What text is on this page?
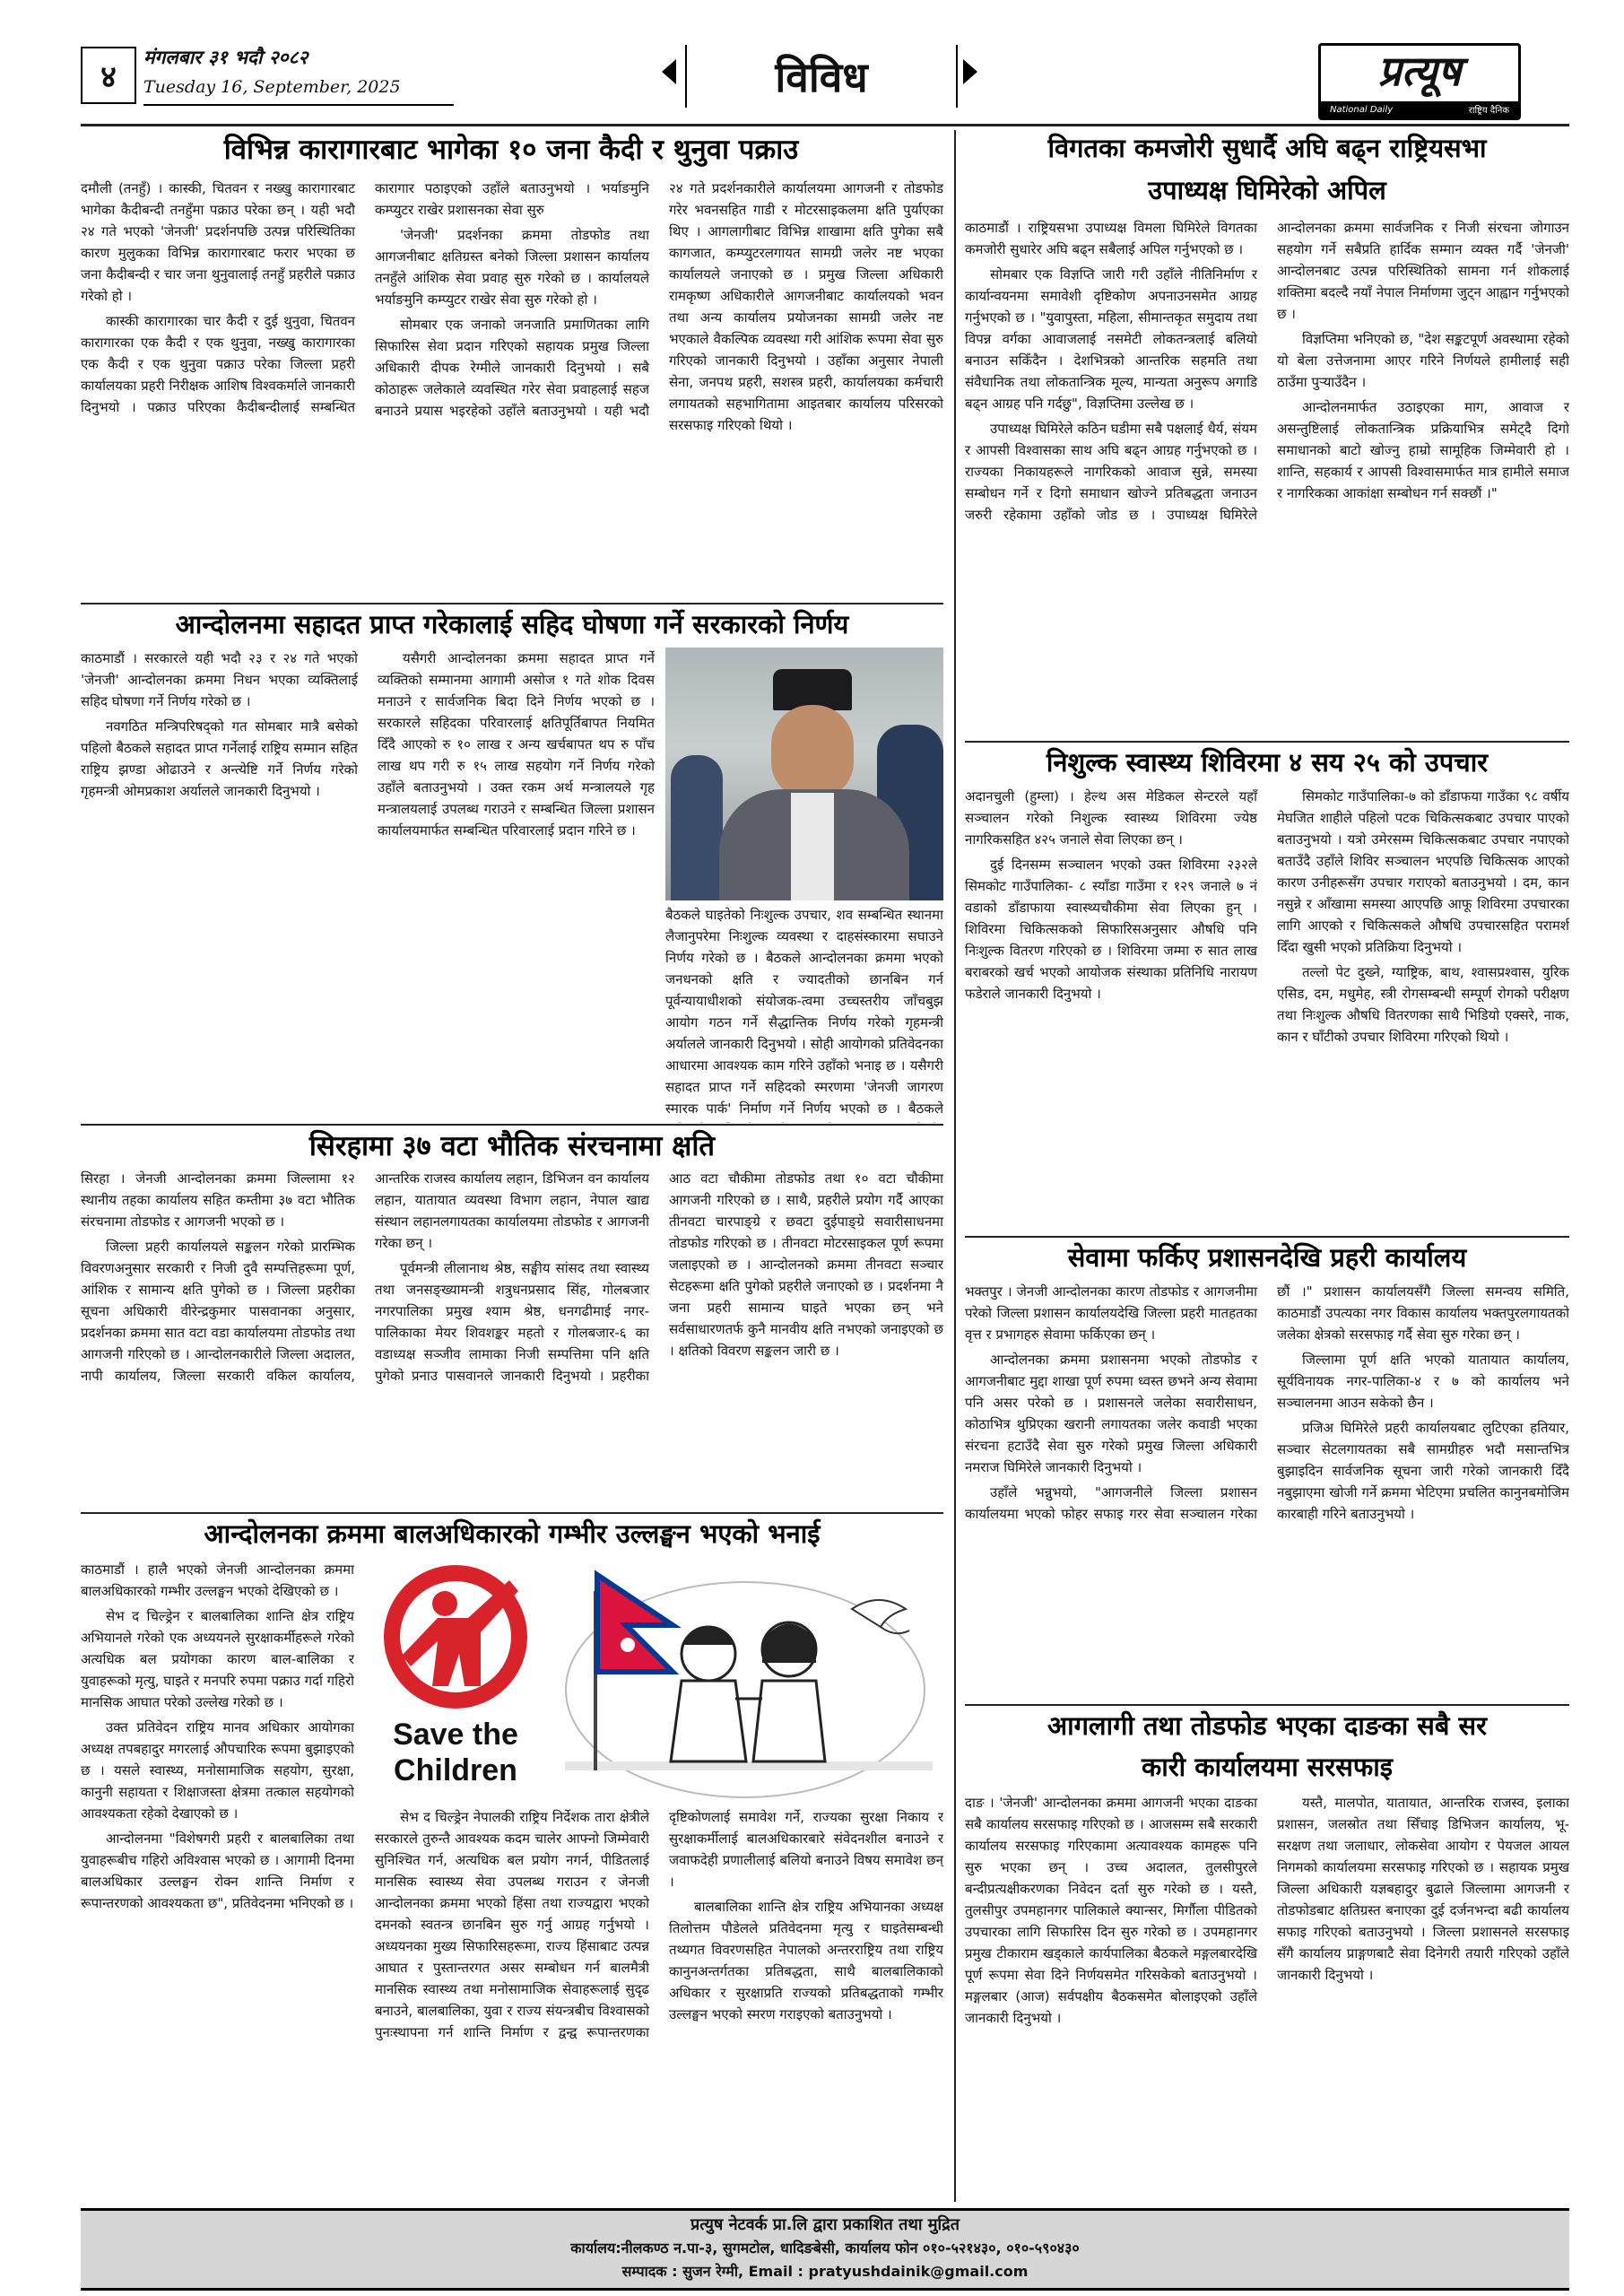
४
मंगलबार ३१ भदौ २०८२
Tuesday 16, September, 2025	विविध	प्रत्यूष
National Daily	राष्ट्रिय दैनिक
विभिन्न कारागारबाट भागेका १० जना कैदी र थुनुवा पक्राउ

दमौली (तनहुँ) । कास्की, चितवन र नख्खु कारागारबाट भागेका कैदीबन्दी तनहुँमा पक्राउ परेका छन् । यही भदौ २४ गते भएको 'जेनजी' प्रदर्शनपछि उत्पन्न परिस्थितिका कारण मुलुकका विभिन्न कारागारबाट फरार भएका छ जना कैदीबन्दी र चार जना थुनुवालाई तनहुँ प्रहरीले पक्राउ गरेको हो ।

कास्की कारागारका चार कैदी र दुई थुनुवा, चितवन कारागारका एक कैदी र एक थुनुवा, नख्खु कारागारका एक कैदी र एक थुनुवा पक्राउ परेका जिल्ला प्रहरी कार्यालयका प्रहरी निरीक्षक आशिष विश्वकर्माले जानकारी दिनुभयो । पक्राउ परिएका कैदीबन्दीलाई सम्बन्धित कारागार पठाइएको उहाँले बताउनुभयो । भर्याङमुनि कम्प्युटर राखेर प्रशासनका सेवा सुरु

'जेनजी' प्रदर्शनका क्रममा तोडफोड तथा आगजनीबाट क्षतिग्रस्त बनेको जिल्ला प्रशासन कार्यालय तनहुँले आंशिक सेवा प्रवाह सुरु गरेको छ । कार्यालयले भर्याङमुनि कम्प्युटर राखेर सेवा सुरु गरेको हो ।

सोमबार एक जनाको जनजाति प्रमाणितका लागि सिफारिस सेवा प्रदान गरिएको सहायक प्रमुख जिल्ला अधिकारी दीपक रेग्मीले जानकारी दिनुभयो । सबै कोठाहरू जलेकाले व्यवस्थित गरेर सेवा प्रवाहलाई सहज बनाउने प्रयास भइरहेको उहाँले बताउनुभयो । यही भदौ २४ गते प्रदर्शनकारीले कार्यालयमा आगजनी र तोडफोड गरेर भवनसहित गाडी र मोटरसाइकलमा क्षति पुर्याएका थिए । आगलागीबाट विभिन्न शाखामा क्षति पुगेका सबै कागजात, कम्प्युटरलगायत सामग्री जलेर नष्ट भएका कार्यालयले जनाएको छ । प्रमुख जिल्ला अधिकारी रामकृष्ण अधिकारीले आगजनीबाट कार्यालयको भवन तथा अन्य कार्यालय प्रयोजनका सामग्री जलेर नष्ट भएकाले वैकल्पिक व्यवस्था गरी आंशिक रूपमा सेवा सुरु गरिएको जानकारी दिनुभयो । उहाँका अनुसार नेपाली सेना, जनपथ प्रहरी, सशस्त्र प्रहरी, कार्यालयका कर्मचारी लगायतको सहभागितामा आइतबार कार्यालय परिसरको सरसफाइ गरिएको थियो ।

आन्दोलनमा सहादत प्राप्त गरेकालाई सहिद घोषणा गर्ने सरकारको निर्णय

काठमाडौं । सरकारले यही भदौ २३ र २४ गते भएको 'जेनजी' आन्दोलनका क्रममा निधन भएका व्यक्तिलाई सहिद घोषणा गर्ने निर्णय गरेको छ ।

नवगठित मन्त्रिपरिषद्को गत सोमबार मात्रै बसेको पहिलो बैठकले सहादत प्राप्त गर्नेलाई राष्ट्रिय सम्मान सहित राष्ट्रिय झण्डा ओढाउने र अन्त्येष्टि गर्ने निर्णय गरेको गृहमन्त्री ओमप्रकाश अर्यालले जानकारी दिनुभयो ।

यसैगरी आन्दोलनका क्रममा सहादत प्राप्त गर्ने व्यक्तिको सम्मानमा आगामी असोज १ गते शोक दिवस मनाउने र सार्वजनिक बिदा दिने निर्णय भएको छ । सरकारले सहिदका परिवारलाई क्षतिपूर्तिबापत नियमित दिँदै आएको रु १० लाख र अन्य खर्चबापत थप रु पाँच लाख थप गरी रु १५ लाख सहयोग गर्ने निर्णय गरेको उहाँले बताउनुभयो । उक्त रकम अर्थ मन्त्रालयले गृह मन्त्रालयलाई उपलब्ध गराउने र सम्बन्धित जिल्ला प्रशासन कार्यालयमार्फत सम्बन्धित परिवारलाई प्रदान गरिने छ ।

बैठकले घाइतेको निःशुल्क उपचार, शव सम्बन्धित स्थानमा लैजानुपरेमा निःशुल्क व्यवस्था र दाहसंस्कारमा सघाउने निर्णय गरेको छ । बैठकले आन्दोलनका क्रममा भएको जनधनको क्षति र ज्यादतीको छानबिन गर्न पूर्वन्यायाधीशको संयोजक-त्वमा उच्चस्तरीय जाँचबुझ आयोग गठन गर्ने सैद्धान्तिक निर्णय गरेको गृहमन्त्री अर्यालले जानकारी दिनुभयो । सोही आयोगको प्रतिवेदनका आधारमा आवश्यक काम गरिने उहाँको भनाइ छ । यसैगरी सहादत प्राप्त गर्ने सहिदको स्मरणमा 'जेनजी जागरण स्मारक पार्क' निर्माण गर्ने निर्णय भएको छ । बैठकले

सिरहामा ३७ वटा भौतिक संरचनामा क्षति

सिरहा । जेनजी आन्दोलनका क्रममा जिल्लामा १२ स्थानीय तहका कार्यालय सहित कम्तीमा ३७ वटा भौतिक संरचनामा तोडफोड र आगजनी भएको छ ।

जिल्ला प्रहरी कार्यालयले सङ्कलन गरेको प्रारम्भिक विवरणअनुसार सरकारी र निजी दुवै सम्पत्तिहरूमा पूर्ण, आंशिक र सामान्य क्षति पुगेको छ । जिल्ला प्रहरीका सूचना अधिकारी वीरेन्द्रकुमार पासवानका अनुसार, प्रदर्शनका क्रममा सात वटा वडा कार्यालयमा तोडफोड तथा आगजनी गरिएको छ । आन्दोलनकारीले जिल्ला अदालत, नापी कार्यालय, जिल्ला सरकारी वकिल कार्यालय, आन्तरिक राजस्व कार्यालय लहान, डिभिजन वन कार्यालय लहान, यातायात व्यवस्था विभाग लहान, नेपाल खाद्य संस्थान लहानलगायतका कार्यालयमा तोडफोड र आगजनी गरेका छन् ।

पूर्वमन्त्री लीलानाथ श्रेष्ठ, सङ्घीय सांसद तथा स्वास्थ्य तथा जनसङ्ख्यामन्त्री शत्रुधनप्रसाद सिंह, गोलबजार नगरपालिका प्रमुख श्याम श्रेष्ठ, धनगढीमाई नगर-पालिकाका मेयर शिवशङ्कर महतो र गोलबजार-६ का वडाध्यक्ष सञ्जीव लामाका निजी सम्पत्तिमा पनि क्षति पुगेको प्रनाउ पासवानले जानकारी दिनुभयो । प्रहरीका आठ वटा चौकीमा तोडफोड तथा १० वटा चौकीमा आगजनी गरिएको छ । साथै, प्रहरीले प्रयोग गर्दै आएका तीनवटा चारपाङ्ग्रे र छवटा दुईपाङ्ग्रे सवारीसाधनमा तोडफोड गरिएको छ । तीनवटा मोटरसाइकल पूर्ण रूपमा जलाइएको छ । आन्दोलनको क्रममा तीनवटा सञ्चार सेटहरूमा क्षति पुगेको प्रहरीले जनाएको छ । प्रदर्शनमा नै जना प्रहरी सामान्य घाइते भएका छन् भने सर्वसाधारणतर्फ कुनै मानवीय क्षति नभएको जनाइएको छ । क्षतिको विवरण सङ्कलन जारी छ ।

आन्दोलनका क्रममा बालअधिकारको गम्भीर उल्लङ्घन भएको भनाई

काठमाडौं । हालै भएको जेनजी आन्दोलनका क्रममा बालअधिकारको गम्भीर उल्लङ्घन भएको देखिएको छ ।

सेभ द चिल्ड्रेन र बालबालिका शान्ति क्षेत्र राष्ट्रिय अभियानले गरेको एक अध्ययनले सुरक्षाकर्मीहरूले गरेको अत्यधिक बल प्रयोगका कारण बाल-बालिका र युवाहरूको मृत्यु, घाइते र मनपरि रुपमा पक्राउ गर्दा गहिरो मानसिक आघात परेको उल्लेख गरेको छ ।

उक्त प्रतिवेदन राष्ट्रिय मानव अधिकार आयोगका अध्यक्ष तपबहादुर मगरलाई औपचारिक रूपमा बुझाइएको छ । यसले स्वास्थ्य, मनोसामाजिक सहयोग, सुरक्षा, कानुनी सहायता र शिक्षाजस्ता क्षेत्रमा तत्काल सहयोगको आवश्यकता रहेको देखाएको छ ।

आन्दोलनमा "विशेषगरी प्रहरी र बालबालिका तथा युवाहरूबीच गहिरो अविश्वास भएको छ । आगामी दिनमा बालअधिकार उल्लङ्घन रोक्न शान्ति निर्माण र रूपान्तरणको आवश्यकता छ", प्रतिवेदनमा भनिएको छ ।

Save the
Children

सेभ द चिल्ड्रेन नेपालकी राष्ट्रिय निर्देशक तारा क्षेत्रीले सरकारले तुरुन्तै आवश्यक कदम चालेर आफ्नो जिम्मेवारी सुनिश्चित गर्न, अत्यधिक बल प्रयोग नगर्न, पीडितलाई मानसिक स्वास्थ्य सेवा उपलब्ध गराउन र जेनजी आन्दोलनका क्रममा भएको हिंसा तथा राज्यद्वारा भएको दमनको स्वतन्त्र छानबिन सुरु गर्नु आग्रह गर्नुभयो । अध्ययनका मुख्य सिफारिसहरूमा, राज्य हिंसाबाट उत्पन्न आघात र पुस्तान्तरगत असर सम्बोधन गर्न बालमैत्री मानसिक स्वास्थ्य तथा मनोसामाजिक सेवाहरूलाई सुदृढ बनाउने, बालबालिका, युवा र राज्य संयन्त्रबीच विश्वासको पुनःस्थापना गर्न शान्ति निर्माण र द्वन्द्व रूपान्तरणका दृष्टिकोणलाई समावेश गर्ने, राज्यका सुरक्षा निकाय र सुरक्षाकर्मीलाई बालअधिकारबारे संवेदनशील बनाउने र जवाफदेही प्रणालीलाई बलियो बनाउने विषय समावेश छन् ।

बालबालिका शान्ति क्षेत्र राष्ट्रिय अभियानका अध्यक्ष तिलोत्तम पौडेलले प्रतिवेदनमा मृत्यु र घाइतेसम्बन्धी तथ्यगत विवरणसहित नेपालको अन्तरराष्ट्रिय तथा राष्ट्रिय कानुनअन्तर्गतका प्रतिबद्धता, साथै बालबालिकाको अधिकार र सुरक्षाप्रति राज्यको प्रतिबद्धताको गम्भीर उल्लङ्घन भएको स्मरण गराइएको बताउनुभयो ।

विगतका कमजोरी सुधार्दै अघि बढ्न राष्ट्रियसभा
उपाध्यक्ष घिमिरेको अपिल

काठमाडौं । राष्ट्रियसभा उपाध्यक्ष विमला घिमिरेले विगतका कमजोरी सुधारेर अघि बढ्न सबैलाई अपिल गर्नुभएको छ ।

सोमबार एक विज्ञप्ति जारी गरी उहाँले नीतिनिर्माण र कार्यान्वयनमा समावेशी दृष्टिकोण अपनाउनसमेत आग्रह गर्नुभएको छ । "युवापुस्ता, महिला, सीमान्तकृत समुदाय तथा विपन्न वर्गका आवाजलाई नसमेटी लोकतन्त्रलाई बलियो बनाउन सकिँदैन । देशभित्रको आन्तरिक सहमति तथा संवैधानिक तथा लोकतान्त्रिक मूल्य, मान्यता अनुरूप अगाडि बढ्न आग्रह पनि गर्दछु", विज्ञप्तिमा उल्लेख छ ।

उपाध्यक्ष घिमिरेले कठिन घडीमा सबै पक्षलाई धैर्य, संयम र आपसी विश्वासका साथ अघि बढ्न आग्रह गर्नुभएको छ । राज्यका निकायहरूले नागरिकको आवाज सुन्ने, समस्या सम्बोधन गर्ने र दिगो समाधान खोज्ने प्रतिबद्धता जनाउन जरुरी रहेकामा उहाँको जोड छ । उपाध्यक्ष घिमिरेले आन्दोलनका क्रममा सार्वजनिक र निजी संरचना जोगाउन सहयोग गर्ने सबैप्रति हार्दिक सम्मान व्यक्त गर्दै 'जेनजी' आन्दोलनबाट उत्पन्न परिस्थितिको सामना गर्न शोकलाई शक्तिमा बदल्दै नयाँ नेपाल निर्माणमा जुट्न आह्वान गर्नुभएको छ ।

विज्ञप्तिमा भनिएको छ, "देश सङ्कटपूर्ण अवस्थामा रहेको यो बेला उत्तेजनामा आएर गरिने निर्णयले हामीलाई सही ठाउँमा पुऱ्याउँदैन ।

आन्दोलनमार्फत उठाइएका माग, आवाज र असन्तुष्टिलाई लोकतान्त्रिक प्रक्रियाभित्र समेट्दै दिगो समाधानको बाटो खोज्नु हाम्रो सामूहिक जिम्मेवारी हो । शान्ति, सहकार्य र आपसी विश्वासमार्फत मात्र हामीले समाज र नागरिकका आकांक्षा सम्बोधन गर्न सक्छौं ।"

निशुल्क स्वास्थ्य शिविरमा ४ सय २५ को उपचार

अदानचुली (हुम्ला) । हेल्थ अस मेडिकल सेन्टरले यहाँ सञ्चालन गरेको निशुल्क स्वास्थ्य शिविरमा ज्येष्ठ नागरिकसहित ४२५ जनाले सेवा लिएका छन् ।

दुई दिनसम्म सञ्चालन भएको उक्त शिविरमा २३२ले सिमकोट गाउँपालिका- ८ स्याँडा गाउँमा र १२९ जनाले ७ नं वडाको डाँडाफाया स्वास्थ्यचौकीमा सेवा लिएका हुन् । शिविरमा चिकित्सकको सिफारिसअनुसार औषधि पनि निःशुल्क वितरण गरिएको छ । शिविरमा जम्मा रु सात लाख बराबरको खर्च भएको आयोजक संस्थाका प्रतिनिधि नारायण फडेराले जानकारी दिनुभयो ।

सिमकोट गाउँपालिका-७ को डाँडाफया गाउँका ९८ वर्षीय मेघजित शाहीले पहिलो पटक चिकित्सकबाट उपचार पाएको बताउनुभयो । यत्रो उमेरसम्म चिकित्सकबाट उपचार नपाएको बताउँदै उहाँले शिविर सञ्चालन भएपछि चिकित्सक आएको कारण उनीहरूसँग उपचार गराएको बताउनुभयो । दम, कान नसुन्ने र आँखामा समस्या आएपछि आफू शिविरमा उपचारका लागि आएको र चिकित्सकले औषधि उपचारसहित परामर्श दिँदा खुसी भएको प्रतिक्रिया दिनुभयो ।

तल्लो पेट दुख्ने, ग्याष्ट्रिक, बाथ, श्वासप्रश्वास, युरिक एसिड, दम, मधुमेह, स्त्री रोगसम्बन्धी सम्पूर्ण रोगको परीक्षण तथा निःशुल्क औषधि वितरणका साथै भिडियो एक्सरे, नाक, कान र घाँटीको उपचार शिविरमा गरिएको थियो ।

सेवामा फर्किए प्रशासनदेखि प्रहरी कार्यालय

भक्तपुर । जेनजी आन्दोलनका कारण तोडफोड र आगजनीमा परेको जिल्ला प्रशासन कार्यालयदेखि जिल्ला प्रहरी मातहतका वृत्त र प्रभागहरु सेवामा फर्किएका छन् ।

आन्दोलनका क्रममा प्रशासनमा भएको तोडफोड र आगजनीबाट मुद्दा शाखा पूर्ण रुपमा ध्वस्त छभने अन्य सेवामा पनि असर परेको छ । प्रशासनले जलेका सवारीसाधन, कोठाभित्र थुप्रिएका खरानी लगायतका जलेर कवाडी भएका संरचना हटाउँदै सेवा सुरु गरेको प्रमुख जिल्ला अधिकारी नमराज घिमिरेले जानकारी दिनुभयो ।

उहाँले भन्नुभयो, "आगजनीले जिल्ला प्रशासन कार्यालयमा भएको फोहर सफाइ गरर सेवा सञ्चालन गरेका छौं ।" प्रशासन कार्यालयसँगै जिल्ला समन्वय समिति, काठमाडौं उपत्यका नगर विकास कार्यालय भक्तपुरलगायतको जलेका क्षेत्रको सरसफाइ गर्दै सेवा सुरु गरेका छन् ।

जिल्लामा पूर्ण क्षति भएको यातायात कार्यालय, सूर्यविनायक नगर-पालिका-४ र ७ को कार्यालय भने सञ्चालनमा आउन सकेको छैन ।

प्रजिअ घिमिरेले प्रहरी कार्यालयबाट लुटिएका हतियार, सञ्चार सेटलगायतका सबै सामग्रीहरु भदौ मसान्तभित्र बुझाइदिन सार्वजनिक सूचना जारी गरेको जानकारी दिँदै नबुझाएमा खोजी गर्ने क्रममा भेटिएमा प्रचलित कानुनबमोजिम कारबाही गरिने बताउनुभयो ।

आगलागी तथा तोडफोड भएका दाङका सबै सर
कारी कार्यालयमा सरसफाइ

दाङ । 'जेनजी' आन्दोलनका क्रममा आगजनी भएका दाङका सबै कार्यालय सरसफाइ गरिएको छ । आजसम्म सबै सरकारी कार्यालय सरसफाइ गरिएकामा अत्यावश्यक कामहरू पनि सुरु भएका छन् । उच्च अदालत, तुलसीपुरले बन्दीप्रत्यक्षीकरणका निवेदन दर्ता सुरु गरेको छ । यस्तै, तुलसीपुर उपमहानगर पालिकाले क्यान्सर, मिर्गौला पीडितको उपचारका लागि सिफारिस दिन सुरु गरेको छ । उपमहानगर प्रमुख टीकाराम खड्काले कार्यपालिका बैठकले मङ्गलबारदेखि पूर्ण रूपमा सेवा दिने निर्णयसमेत गरिसकेको बताउनुभयो । मङ्गलबार (आज) सर्वपक्षीय बैठकसमेत बोलाइएको उहाँले जानकारी दिनुभयो ।

यस्तै, मालपोत, यातायात, आन्तरिक राजस्व, इलाका प्रशासन, जलस्रोत तथा सिँचाइ डिभिजन कार्यालय, भू-सरक्षण तथा जलाधार, लोकसेवा आयोग र पेयजल आयल निगमको कार्यालयमा सरसफाइ गरिएको छ । सहायक प्रमुख जिल्ला अधिकारी यज्ञबहादुर बुढाले जिल्लामा आगजनी र तोडफोडबाट क्षतिग्रस्त बनाएका दुई दर्जनभन्दा बढी कार्यालय सफाइ गरिएको बताउनुभयो । जिल्ला प्रशासनले सरसफाइ सँगै कार्यालय प्राङ्गणबाटै सेवा दिनेगरी तयारी गरिएको उहाँले जानकारी दिनुभयो ।

प्रत्युष नेटवर्क प्रा.लि द्वारा प्रकाशित तथा मुद्रित
कार्यालय:नीलकण्ठ न.पा-३, सुगमटोल, धादिङबेसी, कार्यालय फोन ०१०-५२१४३०, ०१०-५९०४३०
सम्पादक : सुजन रेग्मी, Email : pratyushdainik@gmail.com
